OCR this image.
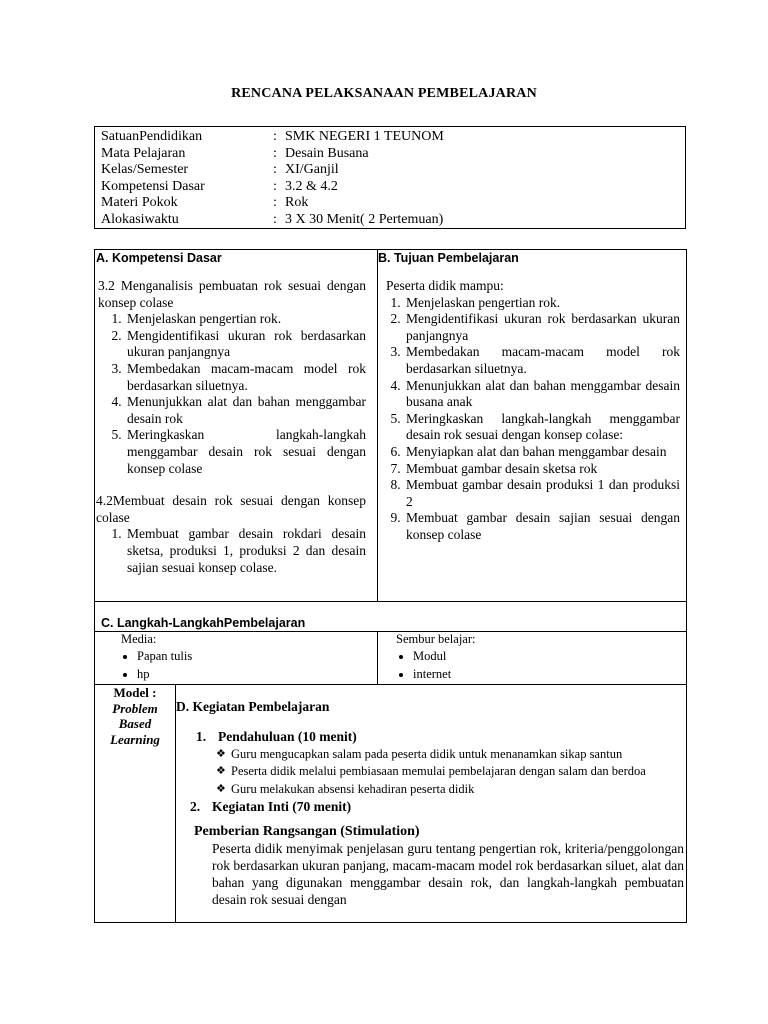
RENCANA PELAKSANAAN PEMBELAJARAN
SatuanPendidikan	: SMK NEGERI 1 TEUNOM
Mata Pelajaran	: Desain Busana
Kelas/Semester	: XI/Ganjil
Kompetensi Dasar	: 3.2 & 4.2
Materi Pokok	: Rok
Alokasiwaktu	: 3 X 30 Menit( 2 Pertemuan)
A. Kompetensi Dasar
3.2 Menganalisis pembuatan rok sesuai dengan konsep colase
1. Menjelaskan pengertian rok.
2. Mengidentifikasi ukuran rok berdasarkan ukuran panjangnya
3. Membedakan macam-macam model rok berdasarkan siluetnya.
4. Menunjukkan alat dan bahan menggambar desain rok
5. Meringkaskan langkah-langkah menggambar desain rok sesuai dengan konsep colase
4.2Membuat desain rok sesuai dengan konsep colase
1. Membuat gambar desain rokdari desain sketsa, produksi 1, produksi 2 dan desain sajian sesuai konsep colase.
B. Tujuan Pembelajaran
Peserta didik mampu:
1. Menjelaskan pengertian rok.
2. Mengidentifikasi ukuran rok berdasarkan ukuran panjangnya
3. Membedakan macam-macam model rok berdasarkan siluetnya.
4. Menunjukkan alat dan bahan menggambar desain busana anak
5. Meringkaskan langkah-langkah menggambar desain rok sesuai dengan konsep colase:
6. Menyiapkan alat dan bahan menggambar desain
7. Membuat gambar desain sketsa rok
8. Membuat gambar desain produksi 1 dan produksi 2
9. Membuat gambar desain sajian sesuai dengan konsep colase
C. Langkah-LangkahPembelajaran
Media:
• Papan tulis
• hp
Sembur belajar:
• Modul
• internet
Model :
Problem Based Learning
D. Kegiatan Pembelajaran
1. Pendahuluan (10 menit)
❖ Guru mengucapkan salam pada peserta didik untuk menanamkan sikap santun
❖ Peserta didik melalui pembiasaan memulai pembelajaran dengan salam dan berdoa
❖ Guru melakukan absensi kehadiran peserta didik
2. Kegiatan Inti (70 menit)
Pemberian Rangsangan (Stimulation)
1. Peserta didik menyimak penjelasan guru tentang pengertian rok, kriteria/penggolongan rok berdasarkan ukuran panjang, macam-macam model rok berdasarkan siluet, alat dan bahan yang digunakan menggambar desain rok, dan langkah-langkah pembuatan desain rok sesuai dengan
